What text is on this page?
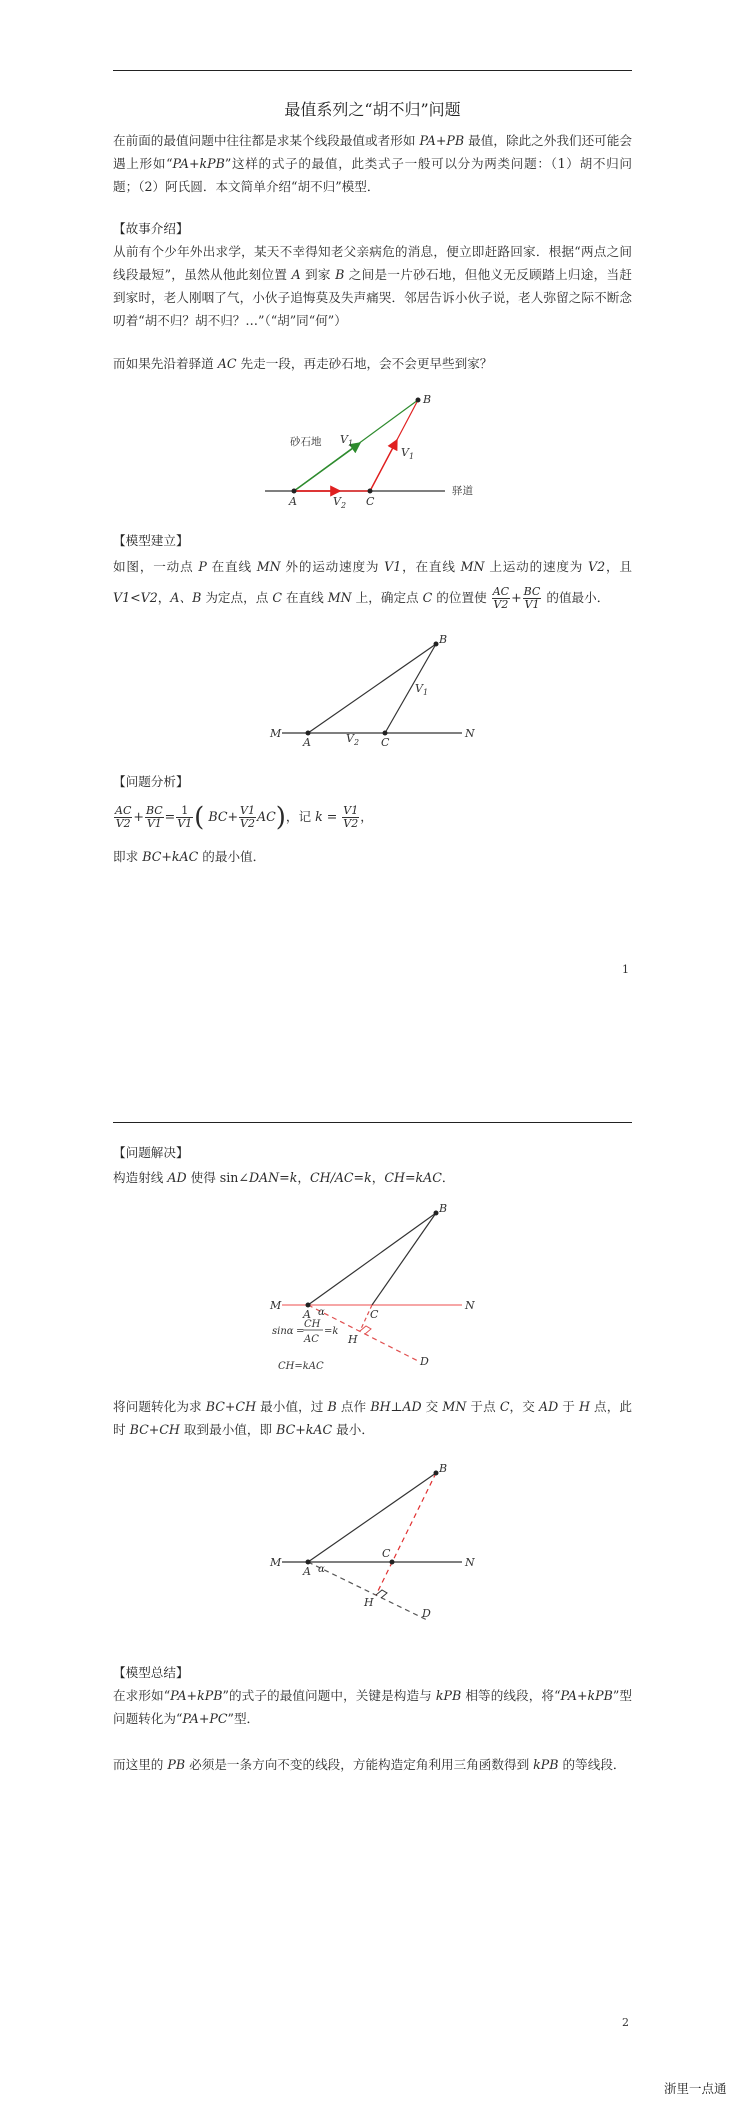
最值系列之“胡不归”问题

在前面的最值问题中往往都是求某个线段最值或者形如 PA+PB 最值，除此之外我们还可能会遇上形如“PA+kPB”这样的式子的最值，此类式子一般可以分为两类问题：（1）胡不归问题；（2）阿氏圆．本文简单介绍“胡不归”模型．

【故事介绍】

从前有个少年外出求学，某天不幸得知老父亲病危的消息，便立即赶路回家．根据“两点之间线段最短”，虽然从他此刻位置 A 到家 B 之间是一片砂石地，但他义无反顾踏上归途，当赶到家时，老人刚咽了气，小伙子追悔莫及失声痛哭．邻居告诉小伙子说，老人弥留之际不断念叨着“胡不归？胡不归？…”（“胡”同“何”）

而如果先沿着驿道 AC 先走一段，再走砂石地，会不会更早些到家？

A	C
B
$V_1$
$V_1$
$V_2$
砂石地
驿道

【模型建立】

如图，一动点 P 在直线 MN 外的运动速度为 V1，在直线 MN 上运动的速度为 V2，且 V1<V2，A、B 为定点，点 C 在直线 MN 上，确定点 C 的位置使 $\frac{AC}{V2} + \frac{BC}{V1}$ 的值最小．

M	N
A	C
B
$V_1$
$V_2$

【问题分析】

$\frac{AC}{V2} + \frac{BC}{V1} = \frac{1}{V1}$ ( $BC+ \frac{V1}{V2} AC$)，记 $k = \frac{V1}{V2}$ ，

即求 BC+kAC 的最小值．

1

【问题解决】

构造射线 AD 使得 sin∠DAN=k，CH/AC=k，CH=kAC．

M	N
A α	C
B
H
D
sinα =
CH
AC
=k
CH=kAC

将问题转化为求 BC+CH 最小值，过 B 点作 BH⊥AD 交 MN 于点 C，交 AD 于 H 点，此时 BC+CH 取到最小值，即 BC+kAC 最小．

M	N
A α
C
B
H
D

【模型总结】

在求形如“PA+kPB”的式子的最值问题中，关键是构造与 kPB 相等的线段，将“PA+kPB”型问题转化为“PA+PC”型．

而这里的 PB 必须是一条方向不变的线段，方能构造定角利用三角函数得到 kPB 的等线段．

2
浙里一点通
